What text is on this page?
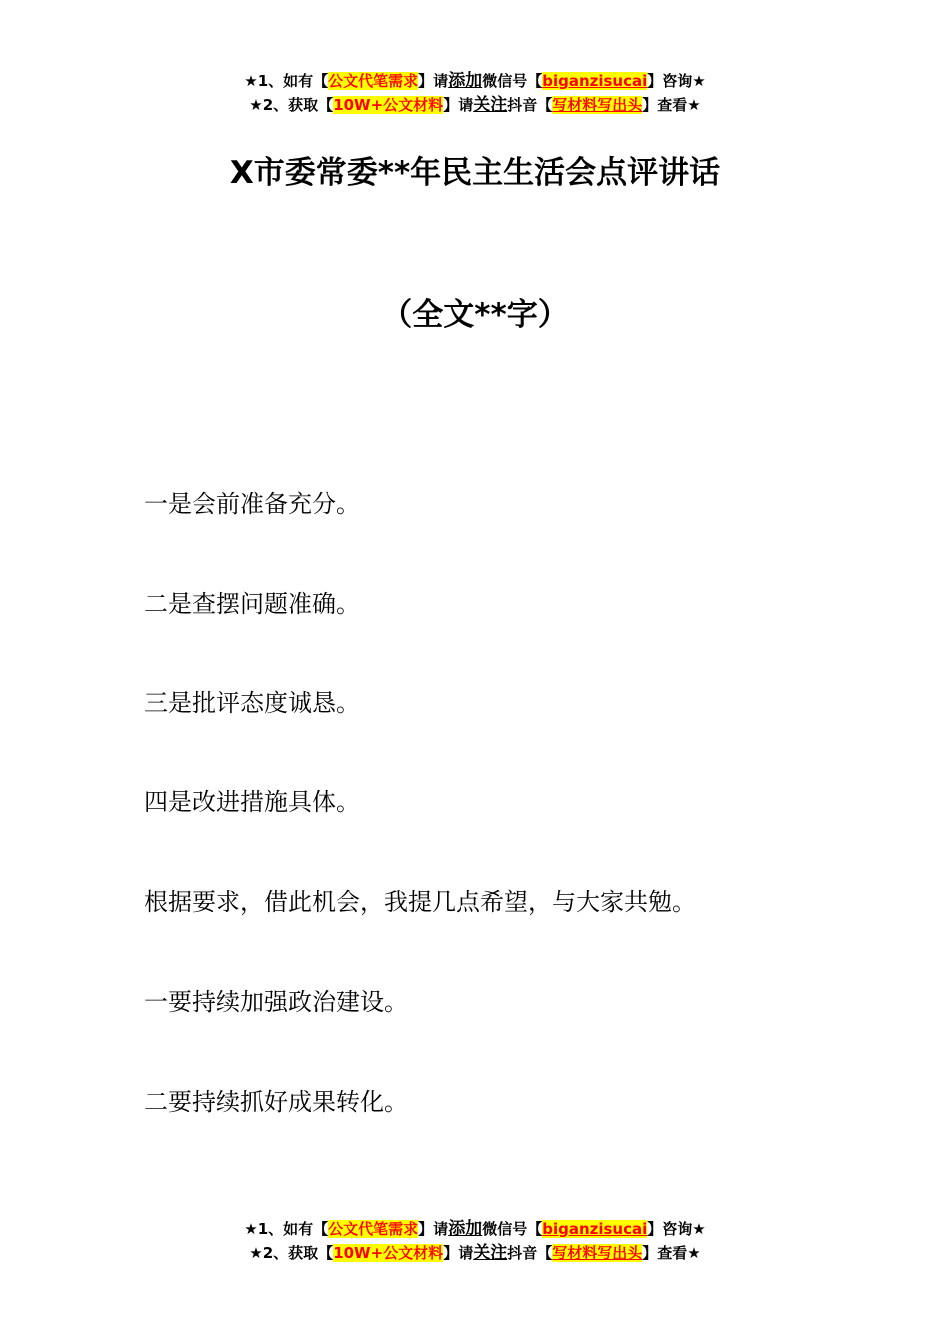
★1、如有【公文代笔需求】请添加微信号【biganzisucai】咨询★
★2、获取【10W+公文材料】请关注抖音【写材料写出头】查看★
X市委常委**年民主生活会点评讲话
（全文**字）
一是会前准备充分。
二是查摆问题准确。
三是批评态度诚恳。
四是改进措施具体。
根据要求，借此机会，我提几点希望，与大家共勉。
一要持续加强政治建设。
二要持续抓好成果转化。
★1、如有【公文代笔需求】请添加微信号【biganzisucai】咨询★
★2、获取【10W+公文材料】请关注抖音【写材料写出头】查看★
